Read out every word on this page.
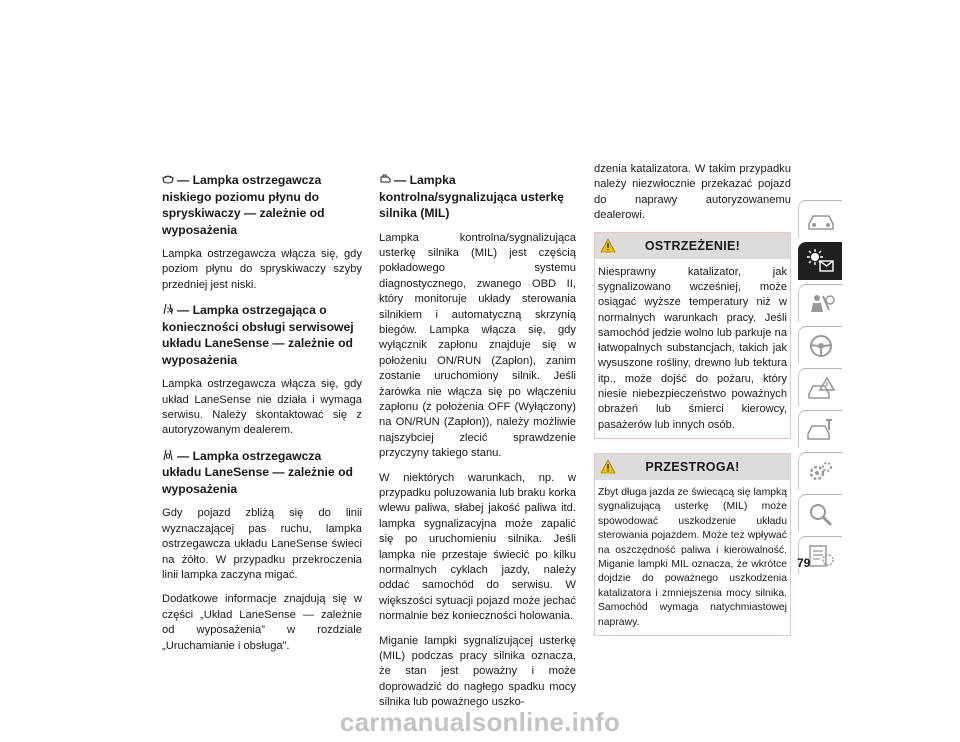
— Lampka ostrzegawcza niskiego poziomu płynu do spryskiwaczy — zależnie od wyposażenia

Lampka ostrzegawcza włącza się, gdy poziom płynu do spryskiwaczy szyby przedniej jest niski.

— Lampka ostrzegająca o konieczności obsługi serwisowej układu LaneSense — zależnie od wyposażenia

Lampka ostrzegawcza włącza się, gdy układ LaneSense nie działa i wymaga serwisu. Należy skontaktować się z autoryzowanym dealerem.

— Lampka ostrzegawcza układu LaneSense — zależnie od wyposażenia

Gdy pojazd zbliżą się do linii wyznaczającej pas ruchu, lampka ostrzegawcza układu LaneSense świeci na żółto. W przypadku przekroczenia linii lampka zaczyna migać.

Dodatkowe informacje znajdują się w części „Układ LaneSense — zależnie od wyposażenia” w rozdziale „Uruchamianie i obsługa”.

— Lampka kontrolna/sygnalizująca usterkę silnika (MIL)

Lampka kontrolna/sygnalizująca usterkę silnika (MIL) jest częścią pokładowego systemu diagnostycznego, zwanego OBD II, który monitoruje układy sterowania silnikiem i automatyczną skrzynią biegów. Lampka włącza się, gdy wyłącznik zapłonu znajduje się w położeniu ON/RUN (Zapłon), zanim zostanie uruchomiony silnik. Jeśli żarówka nie włącza się po włączeniu zapłonu (z położenia OFF (Wyłączony) na ON/RUN (Zapłon)), należy możliwie najszybciej zlecić sprawdzenie przyczyny takiego stanu.

W niektórych warunkach, np. w przypadku poluzowania lub braku korka wlewu paliwa, słabej jakość paliwa itd. lampka sygnalizacyjna może zapalić się po uruchomieniu silnika. Jeśli lampka nie przestaje świecić po kilku normalnych cyklach jazdy, należy oddać samochód do serwisu. W większości sytuacji pojazd może jechać normalnie bez konieczności holowania.

Miganie lampki sygnalizującej usterkę (MIL) podczas pracy silnika oznacza, że stan jest poważny i może doprowadzić do nagłego spadku mocy silnika lub poważnego uszko-

dzenia katalizatora. W takim przypadku należy niezwłocznie przekazać pojazd do naprawy autoryzowanemu dealerowi.

OSTRZEŻENIE!

Niesprawny katalizator, jak sygnalizowano wcześniej, może osiągać wyższe temperatury niż w normalnych warunkach pracy. Jeśli samochód jedzie wolno lub parkuje na łatwopalnych substancjach, takich jak wysuszone rośliny, drewno lub tektura itp., może dojść do pożaru, który niesie niebezpieczeństwo poważnych obrażeń lub śmierci kierowcy, pasażerów lub innych osób.

PRZESTROGA!

Zbyt długa jazda ze świecącą się lampką sygnalizującą usterkę (MIL) może spowodować uszkodzenie układu sterowania pojazdem. Może też wpływać na oszczędność paliwa i kierowalność. Miganie lampki MIL oznacza, że wkrótce dojdzie do poważnego uszkodzenia katalizatora i zmniejszenia mocy silnika. Samochód wymaga natychmiastowej naprawy.

79
carmanualsonline.info
